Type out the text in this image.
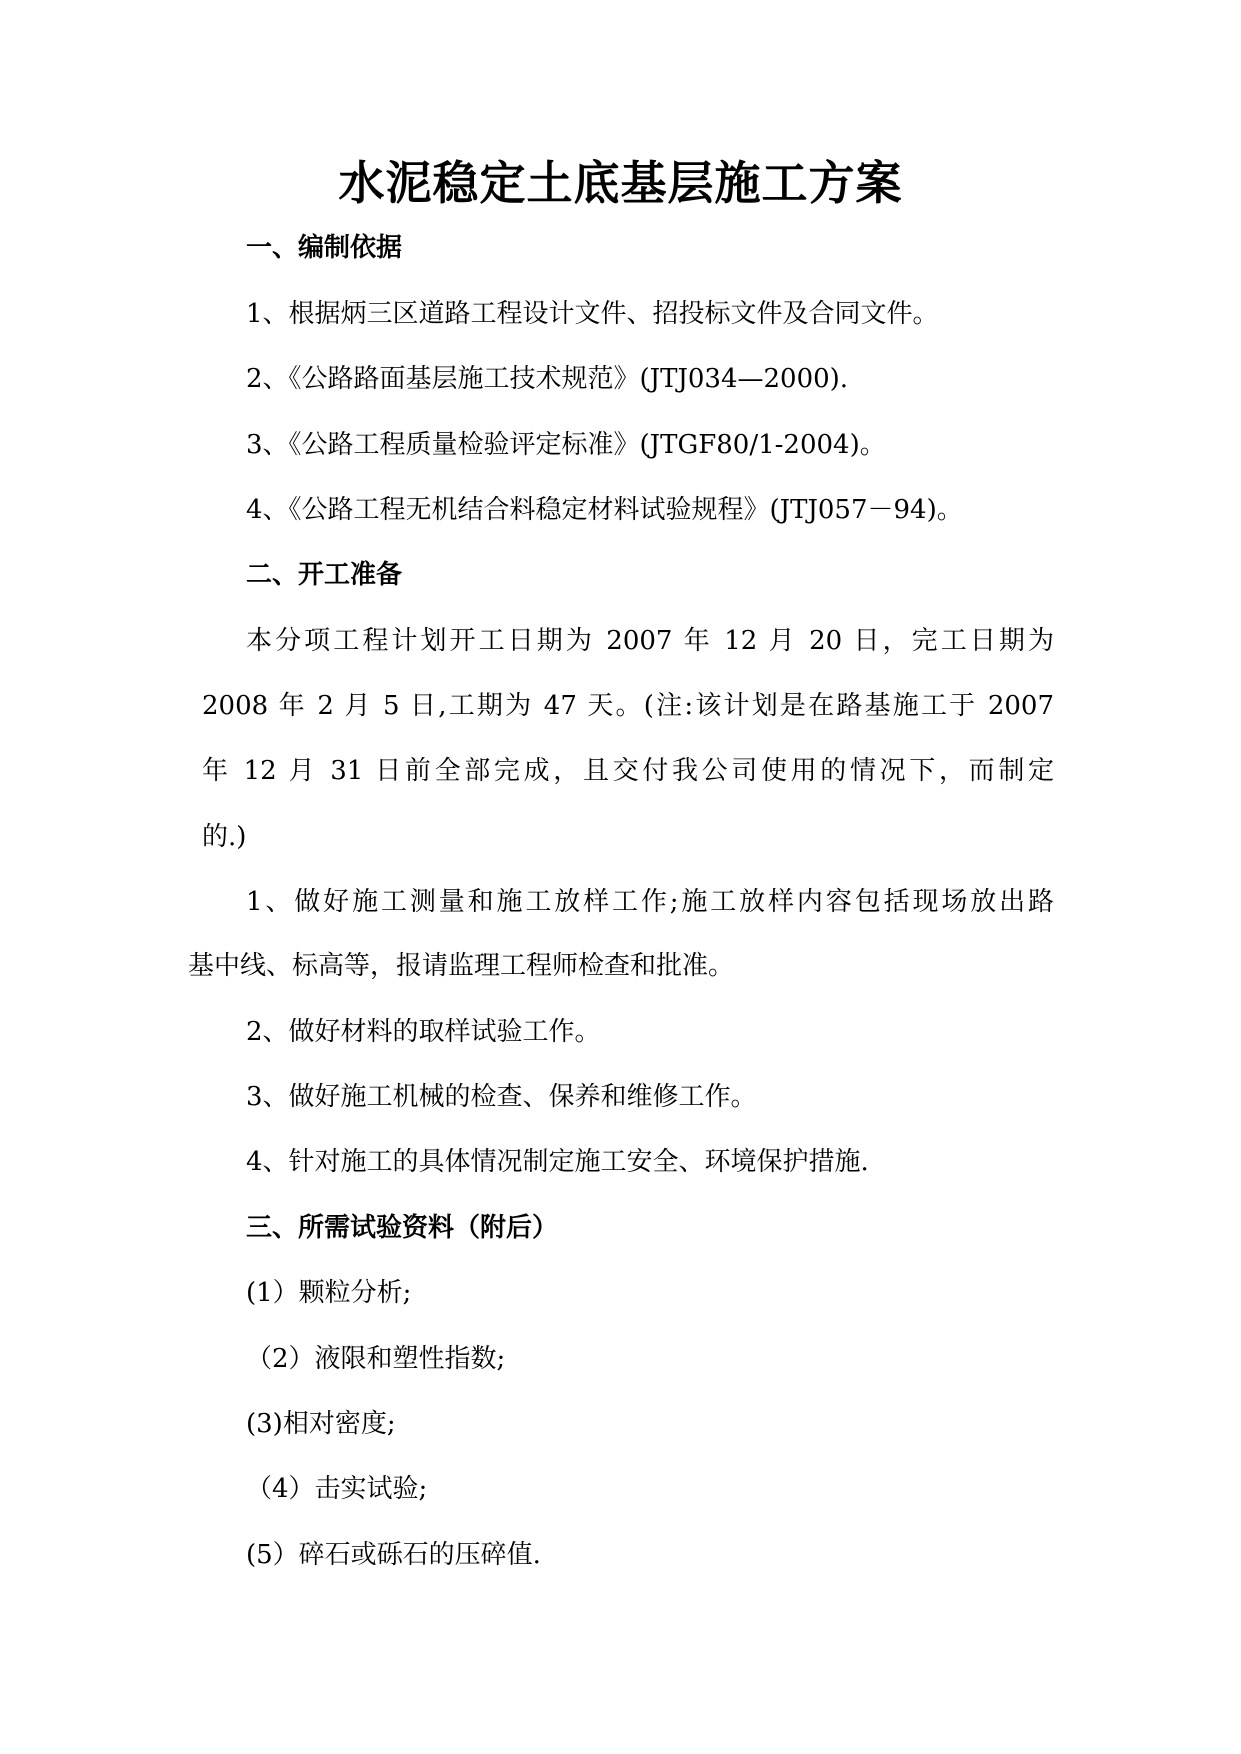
水泥稳定土底基层施工方案
一、编制依据
1、根据炳三区道路工程设计文件、招投标文件及合同文件。
2、《公路路面基层施工技术规范》(JTJ034—2000).
3、《公路工程质量检验评定标准》(JTGF80/1-2004)。
4、《公路工程无机结合料稳定材料试验规程》(JTJ057－94)。
二、开工准备
本分项工程计划开工日期为 2007 年 12 月 20 日，完工日期为
2008 年 2 月 5 日,工期为 47 天。(注:该计划是在路基施工于 2007
年 12 月 31 日前全部完成，且交付我公司使用的情况下，而制定
的.)
1、做好施工测量和施工放样工作;施工放样内容包括现场放出路
基中线、标高等，报请监理工程师检查和批准。
2、做好材料的取样试验工作。
3、做好施工机械的检查、保养和维修工作。
4、针对施工的具体情况制定施工安全、环境保护措施.
三、所需试验资料（附后）
(1）颗粒分析;
（2）液限和塑性指数;
(3)相对密度;
（4）击实试验;
(5）碎石或砾石的压碎值.
